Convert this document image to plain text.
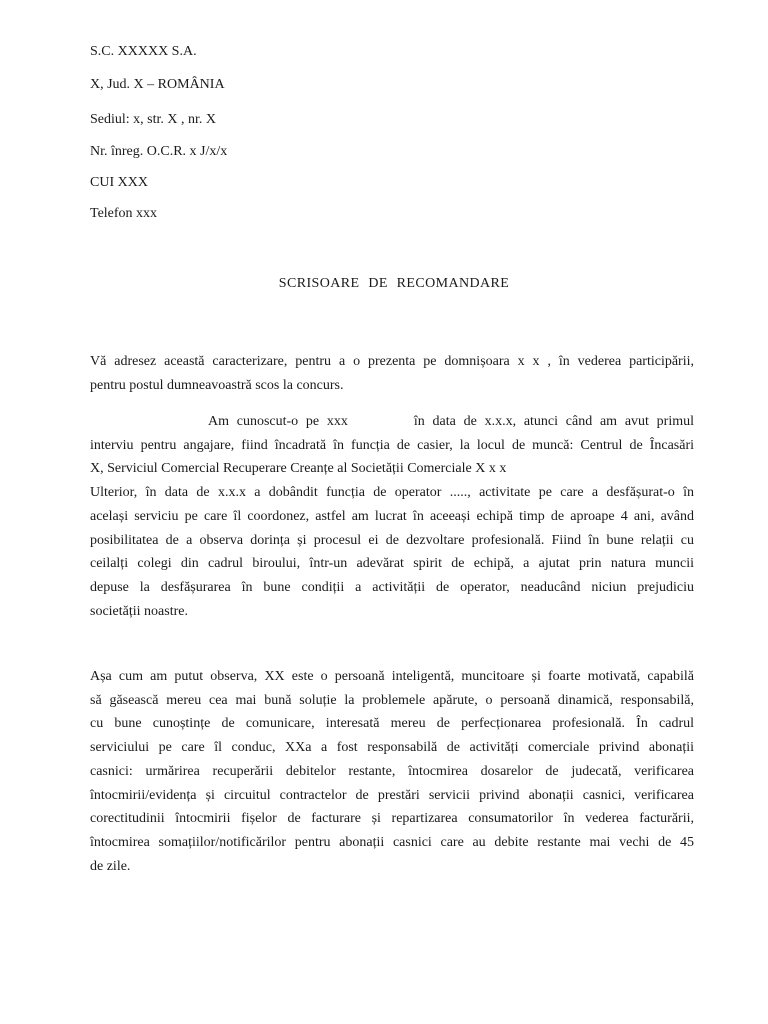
S.C. XXXXX S.A.
X, Jud. X – ROMÂNIA
Sediul: x, str. X , nr. X
Nr. înreg. O.C.R. x J/x/x
CUI XXX
Telefon xxx
SCRISOARE DE RECOMANDARE
Vă adresez această caracterizare, pentru a o prezenta pe domnișoara x x , în vederea participării,
pentru postul dumneavoastră scos la concurs.
Am cunoscut-o pe xxx	în data de x.x.x, atunci când am avut primul
interviu pentru angajare, fiind încadrată în funcția de casier, la locul de muncă: Centrul de Încasări
X, Serviciul Comercial Recuperare Creanțe al Societății Comerciale X x x
Ulterior, în data de x.x.x a dobândit funcția de operator ....., activitate pe care a desfășurat-o în
același serviciu pe care îl coordonez, astfel am lucrat în aceeași echipă timp de aproape 4 ani, având
posibilitatea de a observa dorința și procesul ei de dezvoltare profesională. Fiind în bune relații cu
ceilalți colegi din cadrul biroului, într-un adevărat spirit de echipă, a ajutat prin natura muncii
depuse la desfășurarea în bune condiții a activității de operator, neaducând niciun prejudiciu
societății noastre.
Așa cum am putut observa, XX este o persoană inteligentă, muncitoare și foarte motivată, capabilă
să găsească mereu cea mai bună soluție la problemele apărute, o persoană dinamică, responsabilă,
cu bune cunoștințe de comunicare, interesată mereu de perfecționarea profesională. În cadrul
serviciului pe care îl conduc, XXa a fost responsabilă de activități comerciale privind abonații
casnici: urmărirea recuperării debitelor restante, întocmirea dosarelor de judecată, verificarea
întocmirii/evidența și circuitul contractelor de prestări servicii privind abonații casnici, verificarea
corectitudinii întocmirii fișelor de facturare și repartizarea consumatorilor în vederea facturării,
întocmirea somațiilor/notificărilor pentru abonații casnici care au debite restante mai vechi de 45
de zile.
